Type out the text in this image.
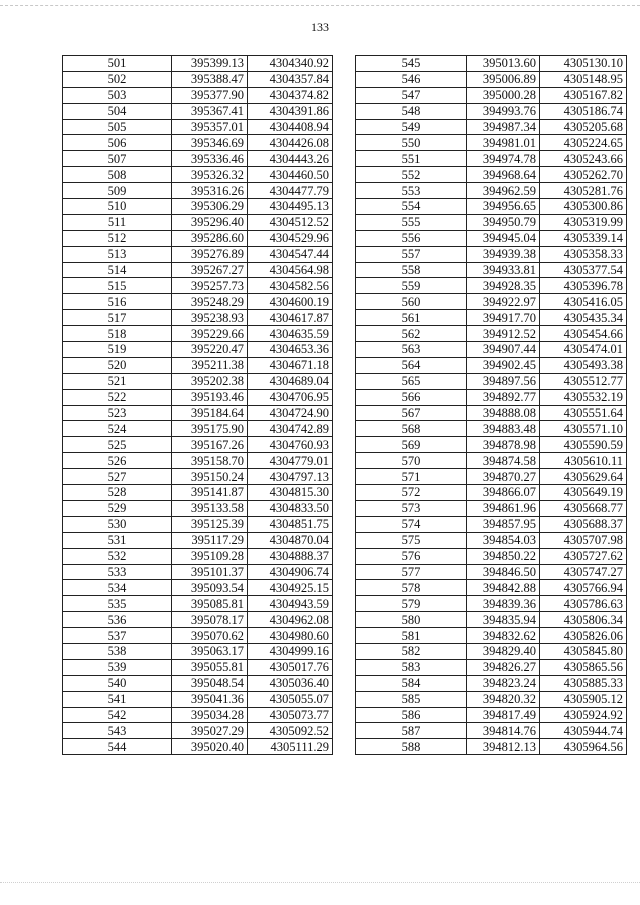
133
501	395399.13	4304340.92
502	395388.47	4304357.84
503	395377.90	4304374.82
504	395367.41	4304391.86
505	395357.01	4304408.94
506	395346.69	4304426.08
507	395336.46	4304443.26
508	395326.32	4304460.50
509	395316.26	4304477.79
510	395306.29	4304495.13
511	395296.40	4304512.52
512	395286.60	4304529.96
513	395276.89	4304547.44
514	395267.27	4304564.98
515	395257.73	4304582.56
516	395248.29	4304600.19
517	395238.93	4304617.87
518	395229.66	4304635.59
519	395220.47	4304653.36
520	395211.38	4304671.18
521	395202.38	4304689.04
522	395193.46	4304706.95
523	395184.64	4304724.90
524	395175.90	4304742.89
525	395167.26	4304760.93
526	395158.70	4304779.01
527	395150.24	4304797.13
528	395141.87	4304815.30
529	395133.58	4304833.50
530	395125.39	4304851.75
531	395117.29	4304870.04
532	395109.28	4304888.37
533	395101.37	4304906.74
534	395093.54	4304925.15
535	395085.81	4304943.59
536	395078.17	4304962.08
537	395070.62	4304980.60
538	395063.17	4304999.16
539	395055.81	4305017.76
540	395048.54	4305036.40
541	395041.36	4305055.07
542	395034.28	4305073.77
543	395027.29	4305092.52
544	395020.40	4305111.29
545	395013.60	4305130.10
546	395006.89	4305148.95
547	395000.28	4305167.82
548	394993.76	4305186.74
549	394987.34	4305205.68
550	394981.01	4305224.65
551	394974.78	4305243.66
552	394968.64	4305262.70
553	394962.59	4305281.76
554	394956.65	4305300.86
555	394950.79	4305319.99
556	394945.04	4305339.14
557	394939.38	4305358.33
558	394933.81	4305377.54
559	394928.35	4305396.78
560	394922.97	4305416.05
561	394917.70	4305435.34
562	394912.52	4305454.66
563	394907.44	4305474.01
564	394902.45	4305493.38
565	394897.56	4305512.77
566	394892.77	4305532.19
567	394888.08	4305551.64
568	394883.48	4305571.10
569	394878.98	4305590.59
570	394874.58	4305610.11
571	394870.27	4305629.64
572	394866.07	4305649.19
573	394861.96	4305668.77
574	394857.95	4305688.37
575	394854.03	4305707.98
576	394850.22	4305727.62
577	394846.50	4305747.27
578	394842.88	4305766.94
579	394839.36	4305786.63
580	394835.94	4305806.34
581	394832.62	4305826.06
582	394829.40	4305845.80
583	394826.27	4305865.56
584	394823.24	4305885.33
585	394820.32	4305905.12
586	394817.49	4305924.92
587	394814.76	4305944.74
588	394812.13	4305964.56
